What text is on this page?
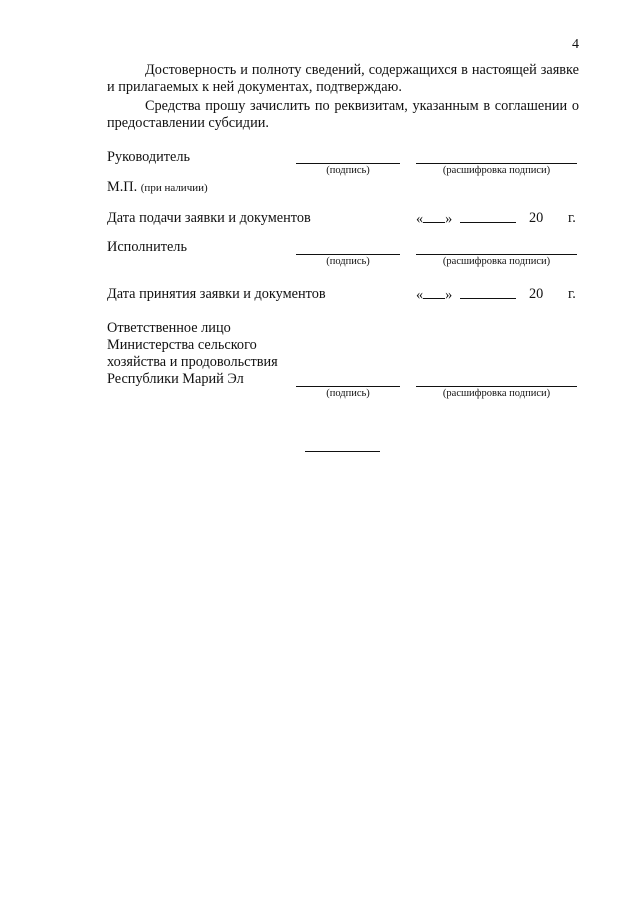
4
Достоверность и полноту сведений, содержащихся в настоящей заявке и прилагаемых к ней документах, подтверждаю.
Средства прошу зачислить по реквизитам, указанным в соглашении о предоставлении субсидии.
Руководитель
(подпись)	(расшифровка подписи)
М.П. (при наличии)
Дата подачи заявки и документов	« »	20 г.
Исполнитель
(подпись)	(расшифровка подписи)
Дата принятия заявки и документов	« »	20 г.
Ответственное лицо
Министерства сельского
хозяйства и продовольствия
Республики Марий Эл
(подпись)	(расшифровка подписи)
